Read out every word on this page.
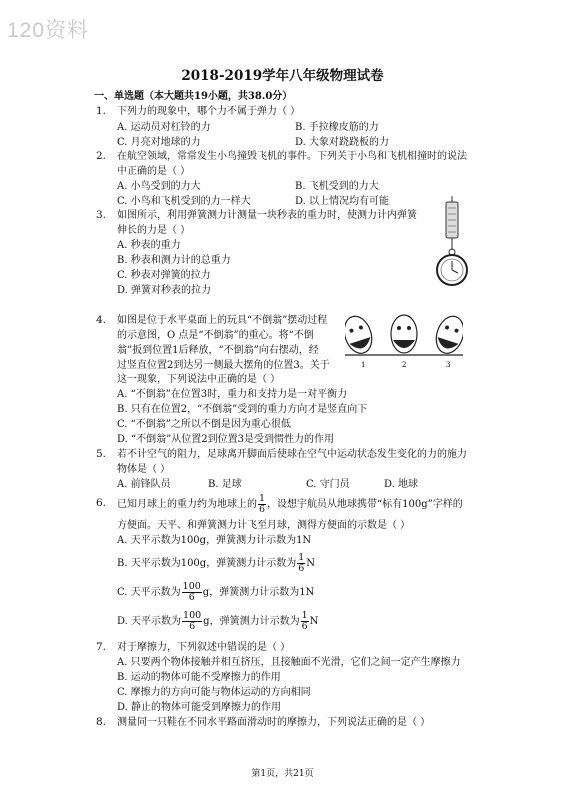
120资料
2018-2019学年八年级物理试卷
一、单选题（本大题共19小题，共38.0分）
1. 下列力的现象中，哪个力不属于弹力（ ）
A. 运动员对杠铃的力	B. 手拉橡皮筋的力
C. 月亮对地球的力	D. 大象对跷跷板的力
2. 在航空领域，常常发生小鸟撞毁飞机的事件。下列关于小鸟和飞机相撞时的说法
中正确的是（ ）
A. 小鸟受到的力大	B. 飞机受到的力大
C. 小鸟和飞机受到的力一样大	D. 以上情况均有可能
3. 如图所示，利用弹簧测力计测量一块秒表的重力时，使测力计内弹簧
伸长的力是（ ）
A. 秒表的重力
B. 秒表和测力计的总重力
C. 秒表对弹簧的拉力
D. 弹簧对秒表的拉力
4. 如图是位于水平桌面上的玩具“不倒翁”摆动过程
的示意图，O 点是“不倒翁”的重心。将“不倒
翁”扳到位置1后释放，“不倒翁”向右摆动，经
过竖直位置2到达另一侧最大摆角的位置3。关于
这一现象，下列说法中正确的是（ ）
A. “不倒翁”在位置3时，重力和支持力是一对平衡力
B. 只有在位置2，“不倒翁”受到的重力方向才是竖直向下
C. “不倒翁”之所以不倒是因为重心很低
D. “不倒翁”从位置2到位置3是受到惯性力的作用
1	2	3
5. 若不计空气的阻力，足球离开脚面后使球在空气中运动状态发生变化的力的施力
物体是（ ）
A. 前锋队员	B. 足球	C. 守门员	D. 地球
6. 已知月球上的重力约为地球上的 $\frac{1}{6}$ ，设想宇航员从地球携带“标有100g”字样的
方便面。天平、和弹簧测力计飞至月球，测得方便面的示数是（ ）
A. 天平示数为100g，弹簧测力计示数为1N
B. 天平示数为100g，弹簧测力计示数为 $\frac{1}{6}$ N
C. 天平示数为 $\frac{100}{6}$ g，弹簧测力计示数为1N
D. 天平示数为 $\frac{100}{6}$ g，弹簧测力计示数为 $\frac{1}{6}$ N
7. 对于摩擦力，下列叙述中错误的是（ ）
A. 只要两个物体接触并相互挤压，且接触面不光滑，它们之间一定产生摩擦力
B. 运动的物体可能不受摩擦力的作用
C. 摩擦力的方向可能与物体运动的方向相同
D. 静止的物体可能受到摩擦力的作用
8. 测量同一只鞋在不同水平路面滑动时的摩擦力，下列说法正确的是（ ）
第1页，共21页
